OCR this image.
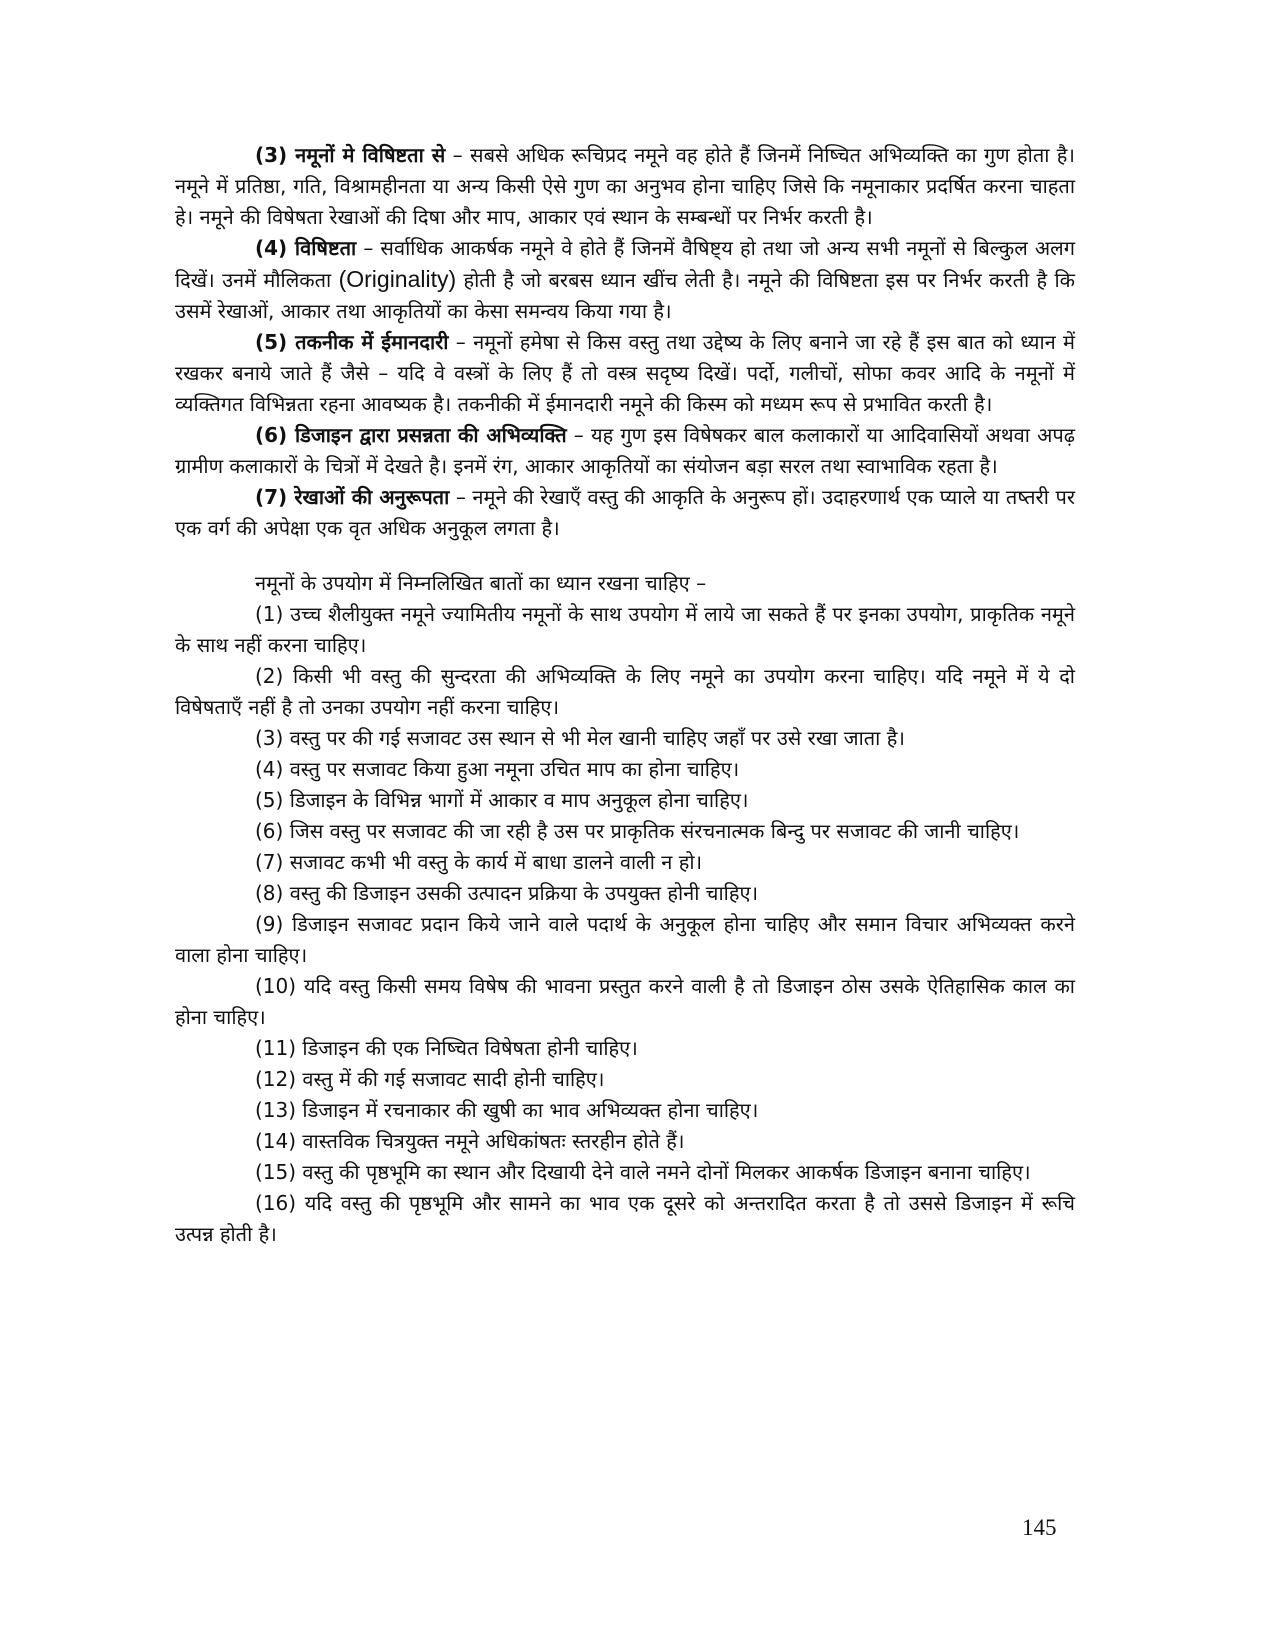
(3) नमूनों मे विषिष्टता से – सबसे अधिक रूचिप्रद नमूने वह होते हैं जिनमें निष्चित अभिव्यक्ति का गुण होता है। नमूने में प्रतिष्ठा, गति, विश्रामहीनता या अन्य किसी ऐसे गुण का अनुभव होना चाहिए जिसे कि नमूनाकार प्रदर्षित करना चाहता हे। नमूने की विषेषता रेखाओं की दिषा और माप, आकार एवं स्थान के सम्बन्धों पर निर्भर करती है।

(4) विषिष्टता – सर्वाधिक आकर्षक नमूने वे होते हैं जिनमें वैषिष्ट्य हो तथा जो अन्य सभी नमूनों से बिल्कुल अलग दिखें। उनमें मौलिकता (Originality) होती है जो बरबस ध्यान खींच लेती है। नमूने की विषिष्टता इस पर निर्भर करती है कि उसमें रेखाओं, आकार तथा आकृतियों का केसा समन्वय किया गया है।

(5) तकनीक में ईमानदारी – नमूनों हमेषा से किस वस्तु तथा उद्देष्य के लिए बनाने जा रहे हैं इस बात को ध्यान में रखकर बनाये जाते हैं जैसे – यदि वे वस्त्रों के लिए हैं तो वस्त्र सदृष्य दिखें। पर्दो, गलीचों, सोफा कवर आदि के नमूनों में व्यक्तिगत विभिन्नता रहना आवष्यक है। तकनीकी में ईमानदारी नमूने की किस्म को मध्यम रूप से प्रभावित करती है।

(6) डिजाइन द्वारा प्रसन्नता की अभिव्यक्ति – यह गुण इस विषेषकर बाल कलाकारों या आदिवासियों अथवा अपढ़ ग्रामीण कलाकारों के चित्रों में देखते है। इनमें रंग, आकार आकृतियों का संयोजन बड़ा सरल तथा स्वाभाविक रहता है।

(7) रेखाओं की अनुरूपता – नमूने की रेखाएँ वस्तु की आकृति के अनुरूप हों। उदाहरणार्थ एक प्याले या तष्तरी पर एक वर्ग की अपेक्षा एक वृत अधिक अनुकूल लगता है।

नमूनों के उपयोग में निम्नलिखित बातों का ध्यान रखना चाहिए –

(1) उच्च शैलीयुक्त नमूने ज्यामितीय नमूनों के साथ उपयोग में लाये जा सकते हैं पर इनका उपयोग, प्राकृतिक नमूने के साथ नहीं करना चाहिए।

(2) किसी भी वस्तु की सुन्दरता की अभिव्यक्ति के लिए नमूने का उपयोग करना चाहिए। यदि नमूने में ये दो विषेषताएँ नहीं है तो उनका उपयोग नहीं करना चाहिए।

(3) वस्तु पर की गई सजावट उस स्थान से भी मेल खानी चाहिए जहाँ पर उसे रखा जाता है।

(4) वस्तु पर सजावट किया हुआ नमूना उचित माप का होना चाहिए।

(5) डिजाइन के विभिन्न भागों में आकार व माप अनुकूल होना चाहिए।

(6) जिस वस्तु पर सजावट की जा रही है उस पर प्राकृतिक संरचनात्मक बिन्दु पर सजावट की जानी चाहिए।

(7) सजावट कभी भी वस्तु के कार्य में बाधा डालने वाली न हो।

(8) वस्तु की डिजाइन उसकी उत्पादन प्रक्रिया के उपयुक्त होनी चाहिए।

(9) डिजाइन सजावट प्रदान किये जाने वाले पदार्थ के अनुकूल होना चाहिए और समान विचार अभिव्यक्त करने वाला होना चाहिए।

(10) यदि वस्तु किसी समय विषेष की भावना प्रस्तुत करने वाली है तो डिजाइन ठोस उसके ऐतिहासिक काल का होना चाहिए।

(11) डिजाइन की एक निष्चित विषेषता होनी चाहिए।

(12) वस्तु में की गई सजावट सादी होनी चाहिए।

(13) डिजाइन में रचनाकार की खुषी का भाव अभिव्यक्त होना चाहिए।

(14) वास्तविक चित्रयुक्त नमूने अधिकांषतः स्तरहीन होते हैं।

(15) वस्तु की पृष्ठभूमि का स्थान और दिखायी देने वाले नमने दोनों मिलकर आकर्षक डिजाइन बनाना चाहिए।

(16) यदि वस्तु की पृष्ठभूमि और सामने का भाव एक दूसरे को अन्तरादित करता है तो उससे डिजाइन में रूचि उत्पन्न होती है।

145
